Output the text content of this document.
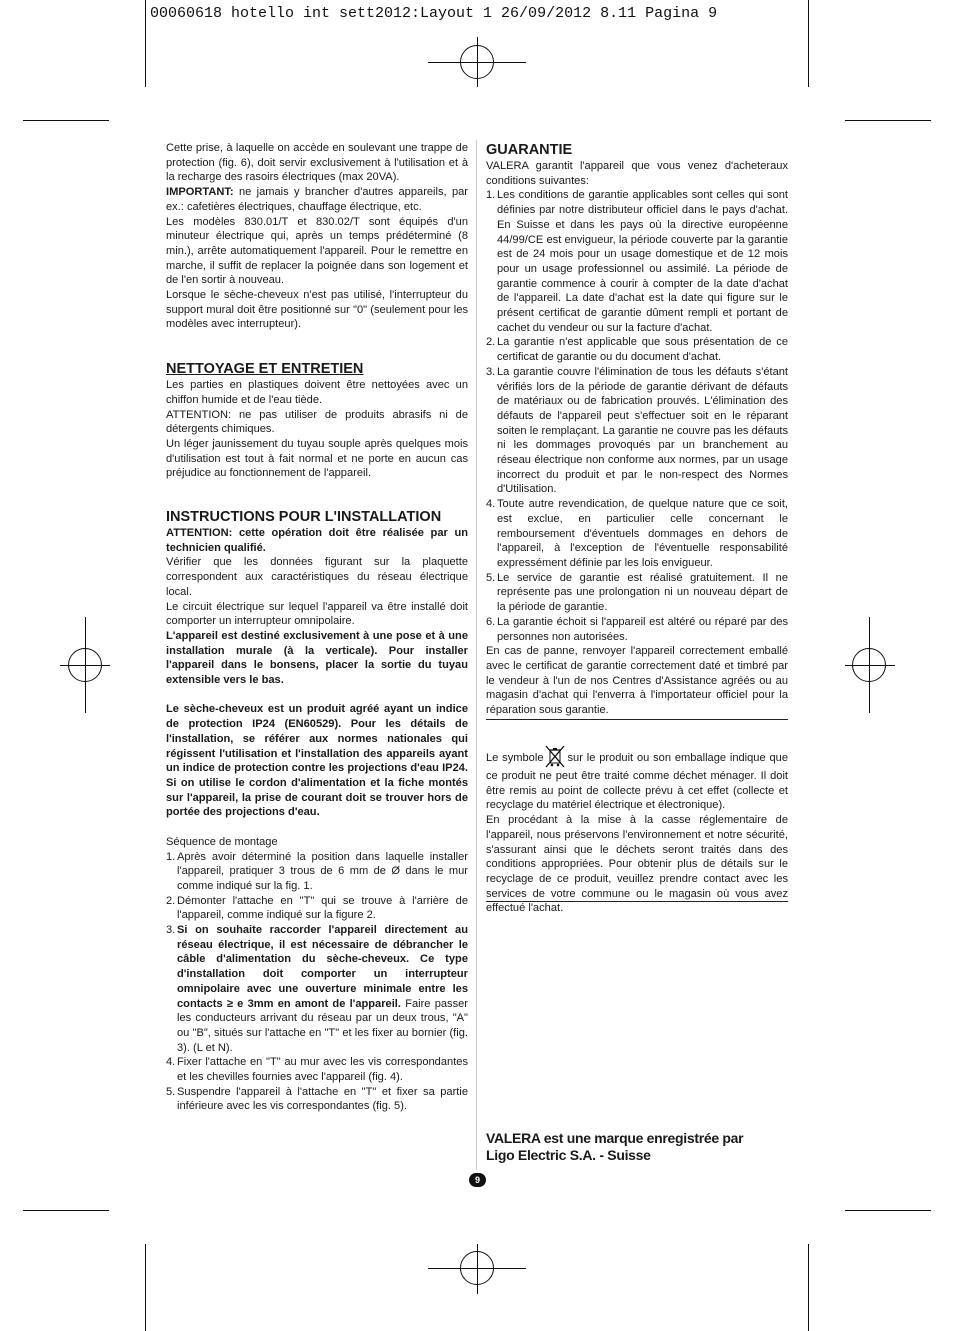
00060618 hotello int sett2012:Layout 1 26/09/2012 8.11 Pagina 9

Cette prise, à laquelle on accède en soulevant une trappe de protection (fig. 6), doit servir exclusivement à l'utilisation et à la recharge des rasoirs électriques (max 20VA).

IMPORTANT: ne jamais y brancher d'autres appareils, par ex.: cafetières électriques, chauffage électrique, etc.

Les modèles 830.01/T et 830.02/T sont équipés d'un minuteur électrique qui, après un temps prédéterminé (8 min.), arrête automatiquement l'appareil. Pour le remettre en marche, il suffit de replacer la poignée dans son logement et de l'en sortir à nouveau.

Lorsque le sèche-cheveux n'est pas utilisé, l'interrupteur du support mural doit être positionné sur "0" (seulement pour les modèles avec interrupteur).

NETTOYAGE ET ENTRETIEN

Les parties en plastiques doivent être nettoyées avec un chiffon humide et de l'eau tiède.

ATTENTION: ne pas utiliser de produits abrasifs ni de détergents chimiques.

Un léger jaunissement du tuyau souple après quelques mois d'utilisation est tout à fait normal et ne porte en aucun cas préjudice au fonctionnement de l'appareil.

INSTRUCTIONS POUR L'INSTALLATION

ATTENTION: cette opération doit être réalisée par un technicien qualifié.

Vérifier que les données figurant sur la plaquette correspondent aux caractéristiques du réseau électrique local.

Le circuit électrique sur lequel l'appareil va être installé doit comporter un interrupteur omnipolaire.

L'appareil est destiné exclusivement à une pose et à une installation murale (à la verticale). Pour installer l'appareil dans le bonsens, placer la sortie du tuyau extensible vers le bas.

Le sèche-cheveux est un produit agréé ayant un indice de protection IP24 (EN60529). Pour les détails de l'installation, se référer aux normes nationales qui régissent l'utilisation et l'installation des appareils ayant un indice de protection contre les projections d'eau IP24. Si on utilise le cordon d'alimentation et la fiche montés sur l'appareil, la prise de courant doit se trouver hors de portée des projections d'eau.

Séquence de montage

1. Après avoir déterminé la position dans laquelle installer l'appareil, pratiquer 3 trous de 6 mm de Ø dans le mur comme indiqué sur la fig. 1.
2. Démonter l'attache en "T" qui se trouve à l'arrière de l'appareil, comme indiqué sur la figure 2.
3. Si on souhaite raccorder l'appareil directement au réseau électrique, il est nécessaire de débrancher le câble d'alimentation du sèche-cheveux. Ce type d'installation doit comporter un interrupteur omnipolaire avec une ouverture minimale entre les contacts ≥ e 3mm en amont de l'appareil. Faire passer les conducteurs arrivant du réseau par un deux trous, "A" ou "B", situés sur l'attache en "T" et les fixer au bornier (fig. 3). (L et N).
4. Fixer l'attache en "T" au mur avec les vis correspondantes et les chevilles fournies avec l'appareil (fig. 4).
5. Suspendre l'appareil à l'attache en "T" et fixer sa partie inférieure avec les vis correspondantes (fig. 5).

GUARANTIE

VALERA garantit l'appareil que vous venez d'acheteraux conditions suivantes:

1. Les conditions de garantie applicables sont celles qui sont définies par notre distributeur officiel dans le pays d'achat. En Suisse et dans les pays où la directive européenne 44/99/CE est envigueur, la période couverte par la garantie est de 24 mois pour un usage domestique et de 12 mois pour un usage professionnel ou assimilé. La période de garantie commence à courir à compter de la date d'achat de l'appareil. La date d'achat est la date qui figure sur le présent certificat de garantie dûment rempli et portant de cachet du vendeur ou sur la facture d'achat.
2. La garantie n'est applicable que sous présentation de ce certificat de garantie ou du document d'achat.
3. La garantie couvre l'élimination de tous les défauts s'étant vérifiés lors de la période de garantie dérivant de défauts de matériaux ou de fabrication prouvés. L'élimination des défauts de l'appareil peut s'effectuer soit en le réparant soiten le remplaçant. La garantie ne couvre pas les défauts ni les dommages provoqués par un branchement au réseau électrique non conforme aux normes, par un usage incorrect du produit et par le non-respect des Normes d'Utilisation.
4. Toute autre revendication, de quelque nature que ce soit, est exclue, en particulier celle concernant le remboursement d'éventuels dommages en dehors de l'appareil, à l'exception de l'éventuelle responsabilité expressément définie par les lois envigueur.
5. Le service de garantie est réalisé gratuitement. Il ne représente pas une prolongation ni un nouveau départ de la période de garantie.
6. La garantie échoit si l'appareil est altéré ou réparé par des personnes non autorisées.

En cas de panne, renvoyer l'appareil correctement emballé avec le certificat de garantie correctement daté et timbré par le vendeur à l'un de nos Centres d'Assistance agréés ou au magasin d'achat qui l'enverra à l'importateur officiel pour la réparation sous garantie.

Le symbole sur le produit ou son emballage indique que ce produit ne peut être traité comme déchet ménager. Il doit être remis au point de collecte prévu à cet effet (collecte et recyclage du matériel électrique et électronique).

En procédant à la mise à la casse réglementaire de l'appareil, nous préservons l'environnement et notre sécurité, s'assurant ainsi que le déchets seront traités dans des conditions appropriées. Pour obtenir plus de détails sur le recyclage de ce produit, veuillez prendre contact avec les services de votre commune ou le magasin où vous avez effectué l'achat.

VALERA est une marque enregistrée par
Ligo Electric S.A. - Suisse
9
